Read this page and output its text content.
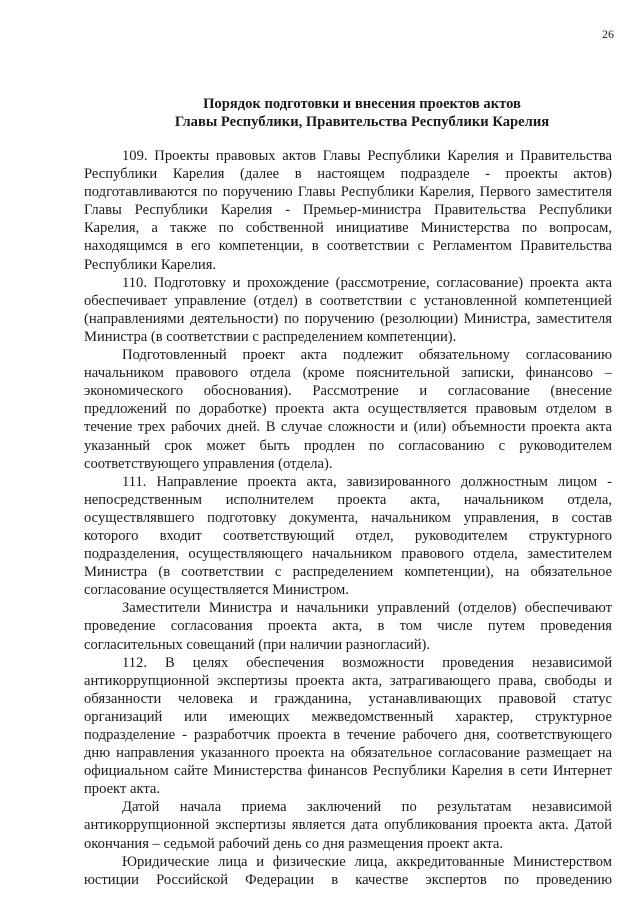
26
Порядок подготовки и внесения проектов актов
Главы Республики, Правительства Республики Карелия

109. Проекты правовых актов Главы Республики Карелия и Правительства Республики Карелия (далее в настоящем подразделе - проекты актов) подготавливаются по поручению Главы Республики Карелия, Первого заместителя Главы Республики Карелия - Премьер-министра Правительства Республики Карелия, а также по собственной инициативе Министерства по вопросам, находящимся в его компетенции, в соответствии с Регламентом Правительства Республики Карелия.

110. Подготовку и прохождение (рассмотрение, согласование) проекта акта обеспечивает управление (отдел) в соответствии с установленной компетенцией (направлениями деятельности) по поручению (резолюции) Министра, заместителя Министра (в соответствии с распределением компетенции).

Подготовленный проект акта подлежит обязательному согласованию начальником правового отдела (кроме пояснительной записки, финансово – экономического обоснования). Рассмотрение и согласование (внесение предложений по доработке) проекта акта осуществляется правовым отделом в течение трех рабочих дней. В случае сложности и (или) объемности проекта акта указанный срок может быть продлен по согласованию с руководителем соответствующего управления (отдела).

111. Направление проекта акта, завизированного должностным лицом - непосредственным исполнителем проекта акта, начальником отдела, осуществлявшего подготовку документа, начальником управления, в состав которого входит соответствующий отдел, руководителем структурного подразделения, осуществляющего начальником правового отдела, заместителем Министра (в соответствии с распределением компетенции), на обязательное согласование осуществляется Министром.

Заместители Министра и начальники управлений (отделов) обеспечивают проведение согласования проекта акта, в том числе путем проведения согласительных совещаний (при наличии разногласий).

112. В целях обеспечения возможности проведения независимой антикоррупционной экспертизы проекта акта, затрагивающего права, свободы и обязанности человека и гражданина, устанавливающих правовой статус организаций или имеющих межведомственный характер, структурное подразделение - разработчик проекта в течение рабочего дня, соответствующего дню направления указанного проекта на обязательное согласование размещает на официальном сайте Министерства финансов Республики Карелия в сети Интернет проект акта.

Датой начала приема заключений по результатам независимой антикоррупционной экспертизы является дата опубликования проекта акта. Датой окончания – седьмой рабочий день со дня размещения проект акта.

Юридические лица и физические лица, аккредитованные Министерством юстиции Российской Федерации в качестве экспертов по проведению
